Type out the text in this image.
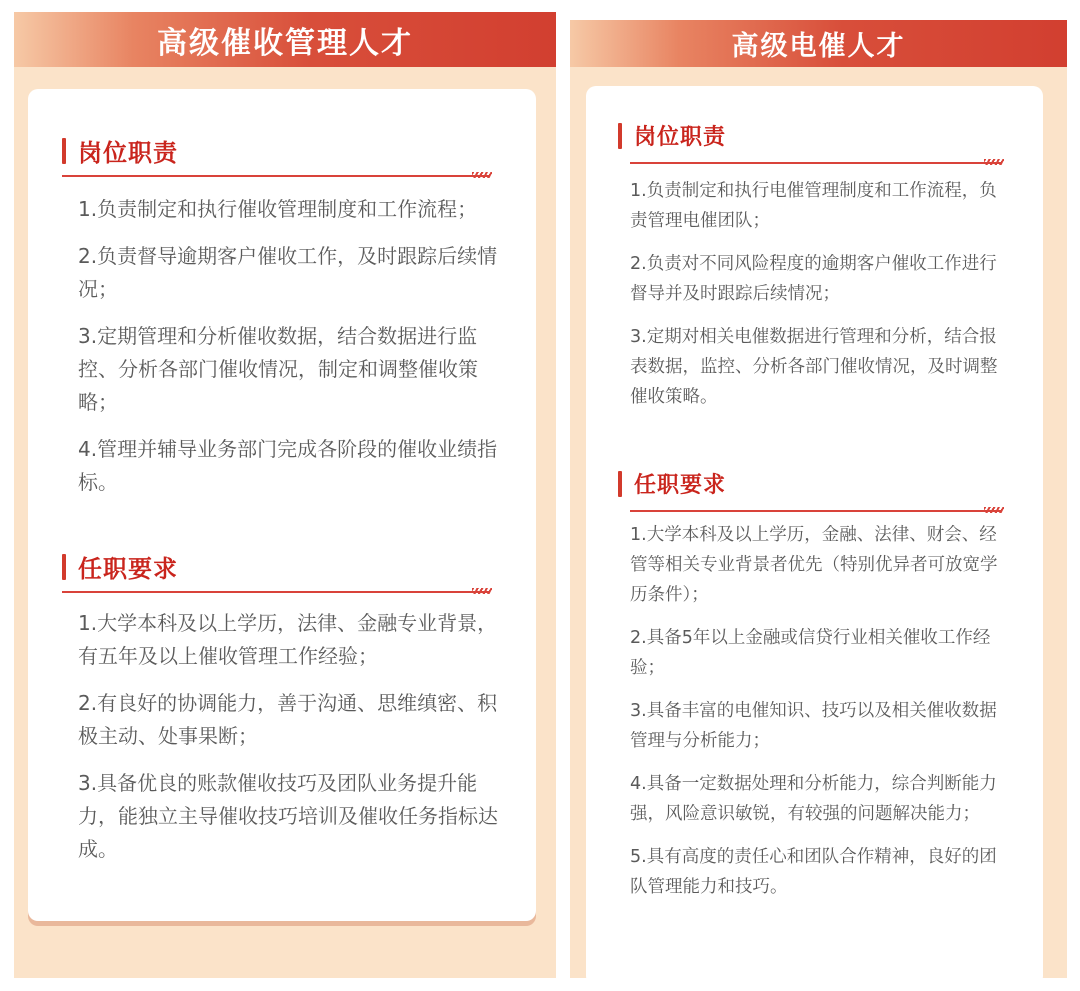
高级催收管理人才
岗位职责
1.负责制定和执行催收管理制度和工作流程；
2.负责督导逾期客户催收工作，及时跟踪后续情况；
3.定期管理和分析催收数据，结合数据进行监控、分析各部门催收情况，制定和调整催收策略；
4.管理并辅导业务部门完成各阶段的催收业绩指标。
任职要求
1.大学本科及以上学历，法律、金融专业背景，有五年及以上催收管理工作经验；
2.有良好的协调能力，善于沟通、思维缜密、积极主动、处事果断；
3.具备优良的账款催收技巧及团队业务提升能力，能独立主导催收技巧培训及催收任务指标达成。
高级电催人才
岗位职责
1.负责制定和执行电催管理制度和工作流程，负责管理电催团队；
2.负责对不同风险程度的逾期客户催收工作进行督导并及时跟踪后续情况；
3.定期对相关电催数据进行管理和分析，结合报表数据，监控、分析各部门催收情况，及时调整催收策略。
任职要求
1.大学本科及以上学历，金融、法律、财会、经管等相关专业背景者优先（特别优异者可放宽学历条件）；
2.具备5年以上金融或信贷行业相关催收工作经验；
3.具备丰富的电催知识、技巧以及相关催收数据管理与分析能力；
4.具备一定数据处理和分析能力，综合判断能力强，风险意识敏锐，有较强的问题解决能力；
5.具有高度的责任心和团队合作精神，良好的团队管理能力和技巧。
